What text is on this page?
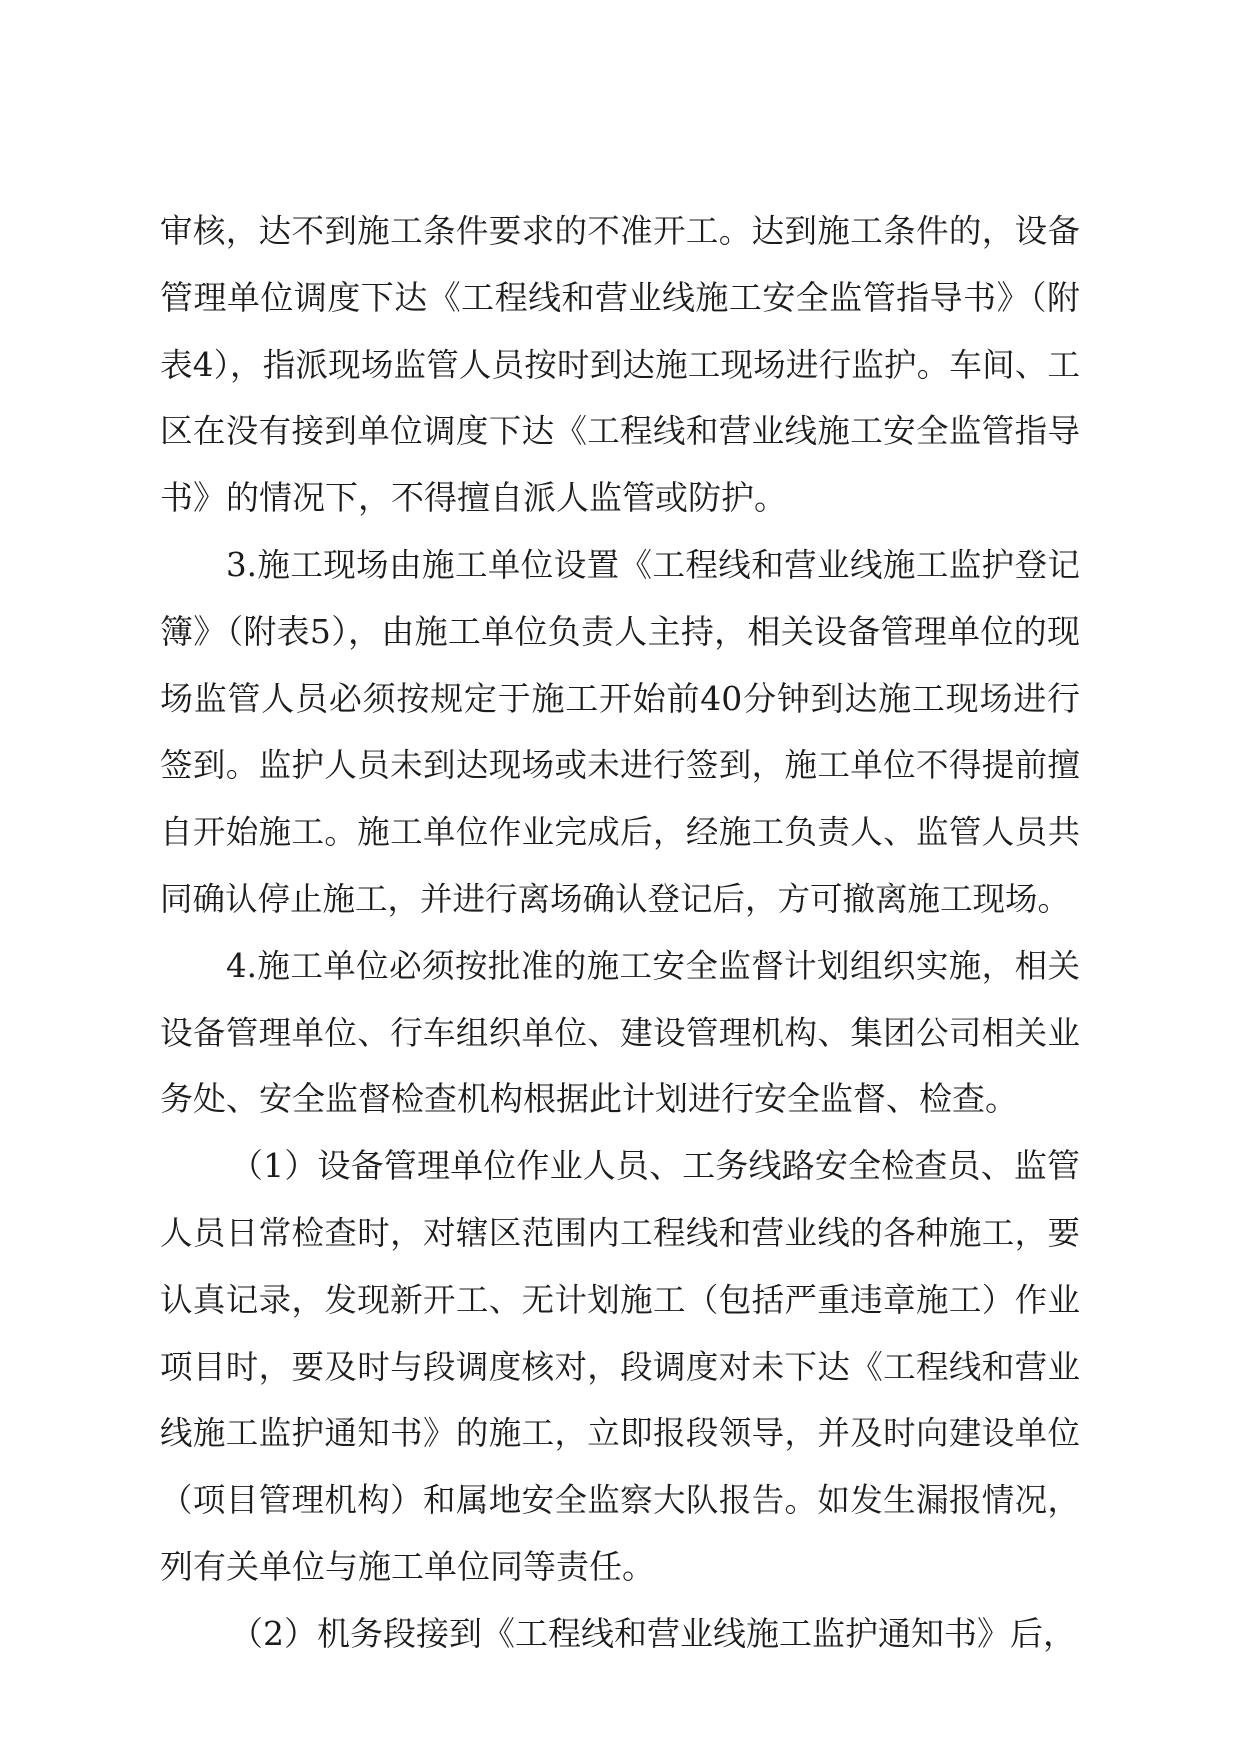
审核，达不到施工条件要求的不准开工。达到施工条件的，设备
管理单位调度下达《工程线和营业线施工安全监管指导书》（附
表4），指派现场监管人员按时到达施工现场进行监护。车间、工
区在没有接到单位调度下达《工程线和营业线施工安全监管指导
书》的情况下，不得擅自派人监管或防护。
3.施工现场由施工单位设置《工程线和营业线施工监护登记
簿》（附表5），由施工单位负责人主持，相关设备管理单位的现
场监管人员必须按规定于施工开始前40分钟到达施工现场进行
签到。监护人员未到达现场或未进行签到，施工单位不得提前擅
自开始施工。施工单位作业完成后，经施工负责人、监管人员共
同确认停止施工，并进行离场确认登记后，方可撤离施工现场。
4.施工单位必须按批准的施工安全监督计划组织实施，相关
设备管理单位、行车组织单位、建设管理机构、集团公司相关业
务处、安全监督检查机构根据此计划进行安全监督、检查。
（1）设备管理单位作业人员、工务线路安全检查员、监管
人员日常检查时，对辖区范围内工程线和营业线的各种施工，要
认真记录，发现新开工、无计划施工（包括严重违章施工）作业
项目时，要及时与段调度核对，段调度对未下达《工程线和营业
线施工监护通知书》的施工，立即报段领导，并及时向建设单位
（项目管理机构）和属地安全监察大队报告。如发生漏报情况，
列有关单位与施工单位同等责任。
（2）机务段接到《工程线和营业线施工监护通知书》后，
